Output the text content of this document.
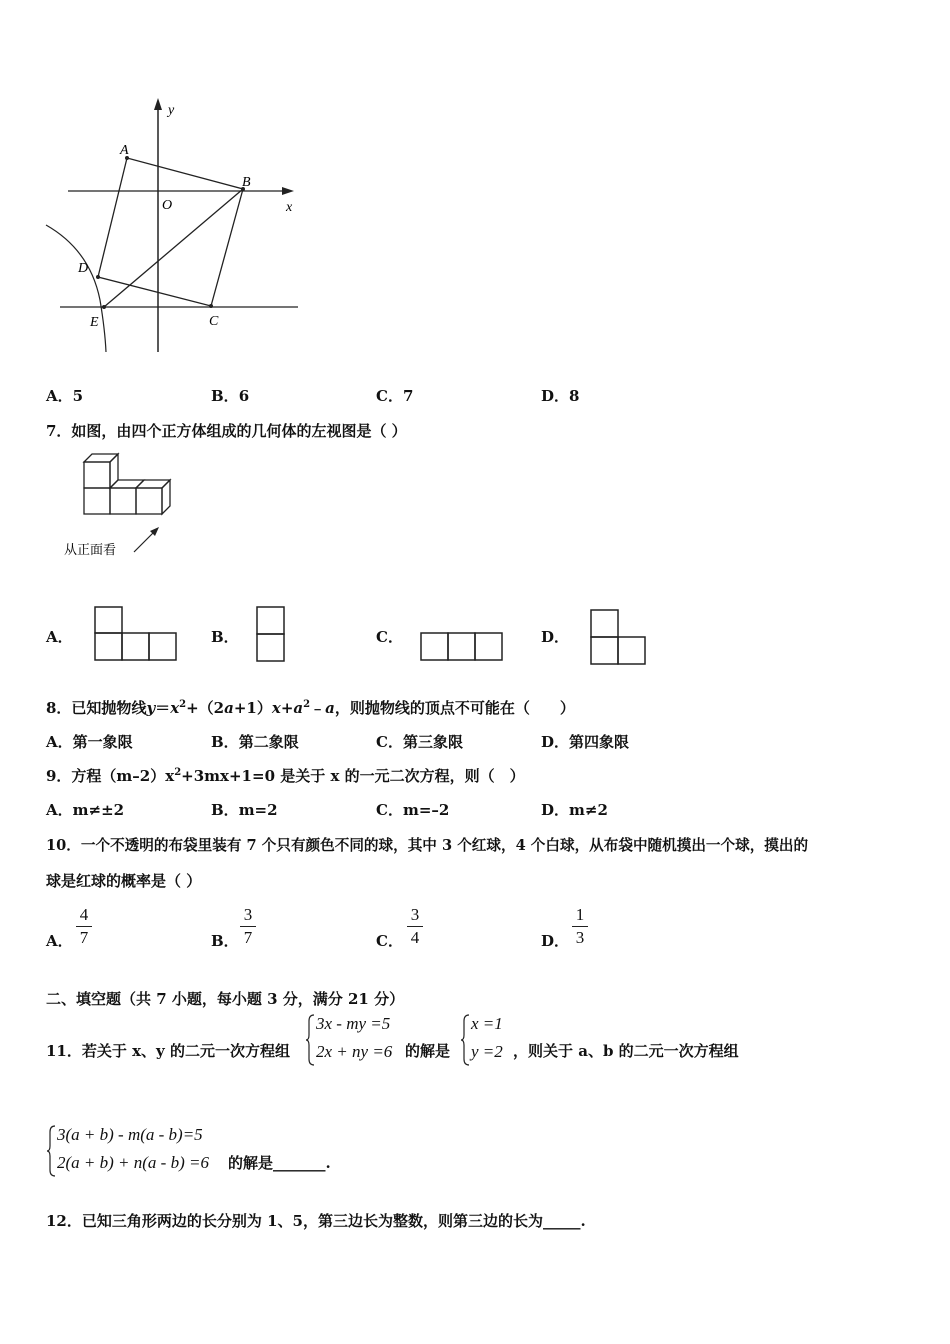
y
x
A
B
O
D
E	C
A．5	B．6	C．7	D．8
7．如图，由四个正方体组成的几何体的左视图是（ ）
从正面看
A．	B．	C．	D．
8．已知抛物线$y=x^2+(2a+1)x+a^2﹣a$，则抛物线的顶点不可能在（　　）
A．第一象限	B．第二象限	C．第三象限	D．第四象限
9．方程$(m-2)x^2+3mx+1=0$ 是关于 x 的一元二次方程，则（　）
A．m≠±2	B．m=2	C．m=–2	D．m≠2
10．一个不透明的布袋里装有 7 个只有颜色不同的球，其中 3 个红球，4 个白球，从布袋中随机摸出一个球，摸出的
球是红球的概率是（ ）
A．
4
7	B．
3
7	C．
3
4	D．
1
3
二、填空题（共 7 小题，每小题 3 分，满分 21 分）
11．若关于 x、y 的二元一次方程组
3x - my =5
2x + ny =6 的解是
x =1
y =2 ，则关于 a、b 的二元一次方程组
3(a + b) - m(a - b)=5
2(a + b) + n(a - b) =6 的解是_______.
12．已知三角形两边的长分别为 1、5，第三边长为整数，则第三边的长为_____.
